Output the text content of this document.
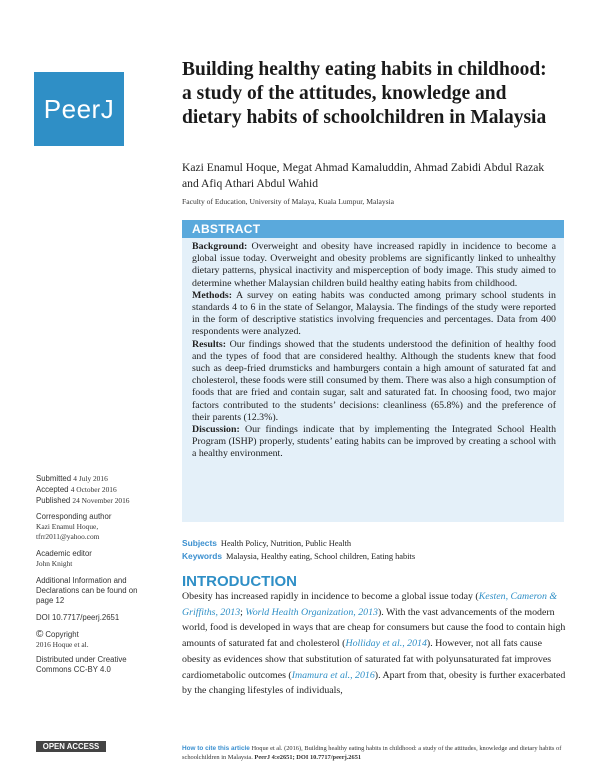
PeerJ
Building healthy eating habits in childhood: a study of the attitudes, knowledge and dietary habits of schoolchildren in Malaysia
Kazi Enamul Hoque, Megat Ahmad Kamaluddin, Ahmad Zabidi Abdul Razak and Afiq Athari Abdul Wahid
Faculty of Education, University of Malaya, Kuala Lumpur, Malaysia
ABSTRACT

Background: Overweight and obesity have increased rapidly in incidence to become a global issue today. Overweight and obesity problems are significantly linked to unhealthy dietary patterns, physical inactivity and misperception of body image. This study aimed to determine whether Malaysian children build healthy eating habits from childhood.

Methods: A survey on eating habits was conducted among primary school students in standards 4 to 6 in the state of Selangor, Malaysia. The findings of the study were reported in the form of descriptive statistics involving frequencies and percentages. Data from 400 respondents were analyzed.

Results: Our findings showed that the students understood the definition of healthy food and the types of food that are considered healthy. Although the students knew that food such as deep-fried drumsticks and hamburgers contain a high amount of saturated fat and cholesterol, these foods were still consumed by them. There was also a high consumption of foods that are fried and contain sugar, salt and saturated fat. In choosing food, two major factors contributed to the students’ decisions: cleanliness (65.8%) and the preference of their parents (12.3%).

Discussion: Our findings indicate that by implementing the Integrated School Health Program (ISHP) properly, students’ eating habits can be improved by creating a school with a healthy environment.

Subjects Health Policy, Nutrition, Public Health
Keywords Malaysia, Healthy eating, School children, Eating habits
INTRODUCTION

Obesity has increased rapidly in incidence to become a global issue today (Kesten, Cameron & Griffiths, 2013; World Health Organization, 2013). With the vast advancements of the modern world, food is developed in ways that are cheap for consumers but cause the food to contain high amounts of saturated fat and cholesterol (Holliday et al., 2014). However, not all fats cause obesity as evidences show that substitution of saturated fat with polyunsaturated fat improves cardiometabolic outcomes (Imamura et al., 2016). Apart from that, obesity is further exacerbated by the changing lifestyles of individuals,

Submitted 4 July 2016
Accepted 4 October 2016
Published 24 November 2016
Corresponding author
Kazi Enamul Hoque,
tfrr2011@yahoo.com
Academic editor
John Knight
Additional Information and Declarations can be found on page 12
DOI 10.7717/peerj.2651
© Copyright
2016 Hoque et al.
Distributed under Creative Commons CC-BY 4.0
OPEN ACCESS	How to cite this article Hoque et al. (2016), Building healthy eating habits in childhood: a study of the attitudes, knowledge and dietary habits of schoolchildren in Malaysia. PeerJ 4:e2651; DOI 10.7717/peerj.2651
